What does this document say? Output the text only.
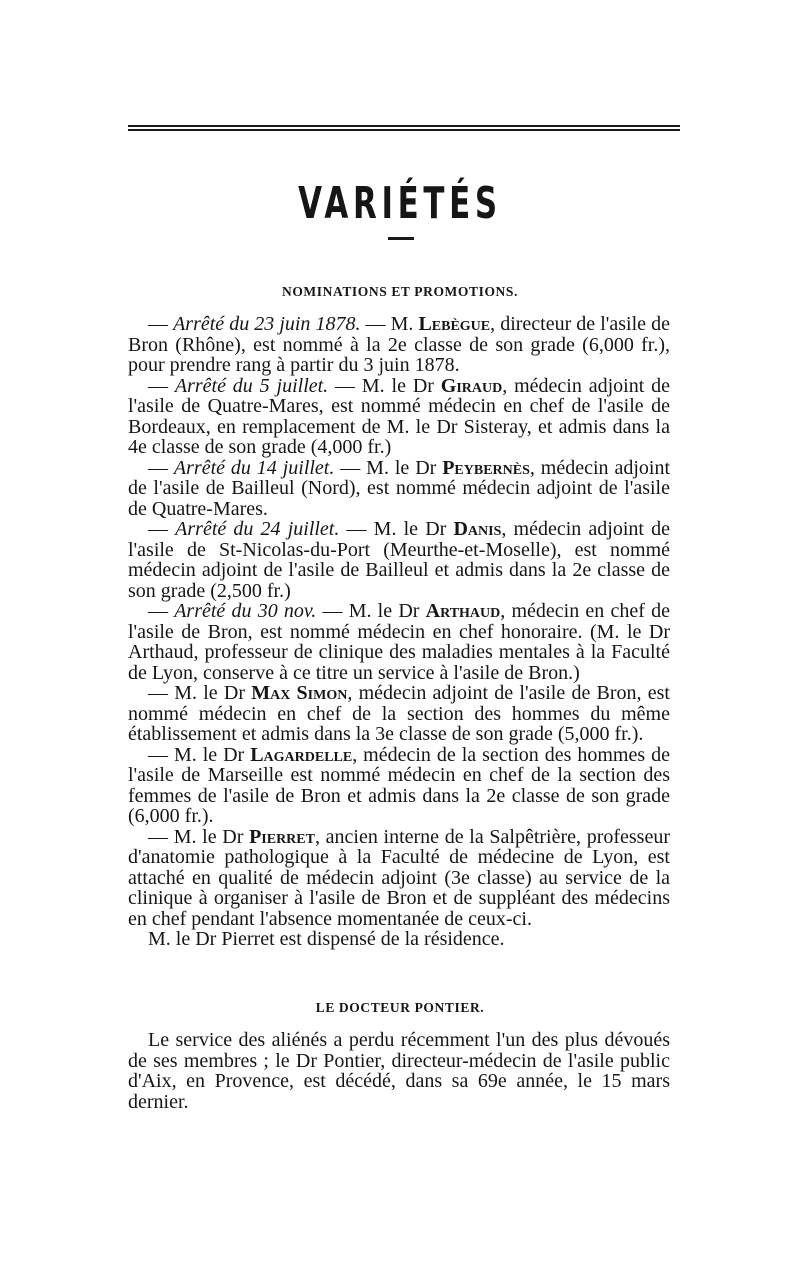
VARIÉTÉS
NOMINATIONS ET PROMOTIONS.

— Arrêté du 23 juin 1878. — M. Lebègue, directeur de l'asile de Bron (Rhône), est nommé à la 2e classe de son grade (6,000 fr.), pour prendre rang à partir du 3 juin 1878.

— Arrêté du 5 juillet. — M. le Dr Giraud, médecin adjoint de l'asile de Quatre-Mares, est nommé médecin en chef de l'asile de Bordeaux, en remplacement de M. le Dr Sisteray, et admis dans la 4e classe de son grade (4,000 fr.)

— Arrêté du 14 juillet. — M. le Dr Peybernès, médecin adjoint de l'asile de Bailleul (Nord), est nommé médecin adjoint de l'asile de Quatre-Mares.

— Arrêté du 24 juillet. — M. le Dr Danis, médecin adjoint de l'asile de St-Nicolas-du-Port (Meurthe-et-Moselle), est nommé médecin adjoint de l'asile de Bailleul et admis dans la 2e classe de son grade (2,500 fr.)

— Arrêté du 30 nov. — M. le Dr Arthaud, médecin en chef de l'asile de Bron, est nommé médecin en chef honoraire. (M. le Dr Arthaud, professeur de clinique des maladies mentales à la Faculté de Lyon, conserve à ce titre un service à l'asile de Bron.)

— M. le Dr Max Simon, médecin adjoint de l'asile de Bron, est nommé médecin en chef de la section des hommes du même établissement et admis dans la 3e classe de son grade (5,000 fr.).

— M. le Dr Lagardelle, médecin de la section des hommes de l'asile de Marseille est nommé médecin en chef de la section des femmes de l'asile de Bron et admis dans la 2e classe de son grade (6,000 fr.).

— M. le Dr Pierret, ancien interne de la Salpêtrière, professeur d'anatomie pathologique à la Faculté de médecine de Lyon, est attaché en qualité de médecin adjoint (3e classe) au service de la clinique à organiser à l'asile de Bron et de suppléant des médecins en chef pendant l'absence momentanée de ceux-ci.

M. le Dr Pierret est dispensé de la résidence.

LE DOCTEUR PONTIER.

Le service des aliénés a perdu récemment l'un des plus dévoués de ses membres ; le Dr Pontier, directeur-médecin de l'asile public d'Aix, en Provence, est décédé, dans sa 69e année, le 15 mars dernier.
